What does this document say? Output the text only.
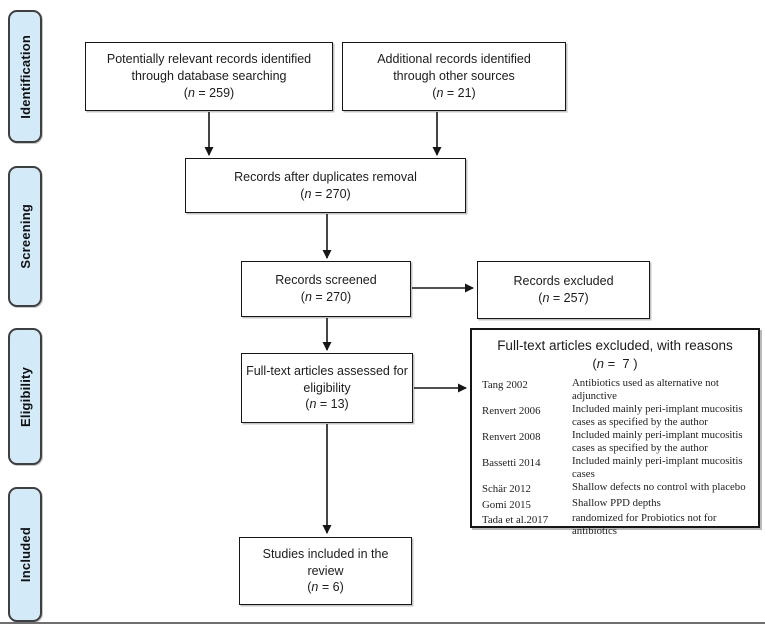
Identification
Screening
Eligibility
Included
Potentially relevant records identified through database searching
(n = 259)
Additional records identified through other sources
(n = 21)
Records after duplicates removal
(n = 270)
Records screened
(n = 270)
Records excluded
(n = 257)
Full-text articles assessed for eligibility
(n = 13)
Studies included in the review
(n = 6)
Full-text articles excluded, with reasons
(n =  7 )
Tang 2002	Antibiotics used as alternative not adjunctive
Renvert 2006	Included mainly peri-implant mucositis cases as specified by the author
Renvert 2008	Included mainly peri-implant mucositis cases as specified by the author
Bassetti 2014	Included mainly peri-implant mucositis cases
Schär 2012	Shallow defects no control with placebo
Gomi 2015	Shallow PPD depths
Tada et al.2017	randomized for Probiotics not for antibiotics
